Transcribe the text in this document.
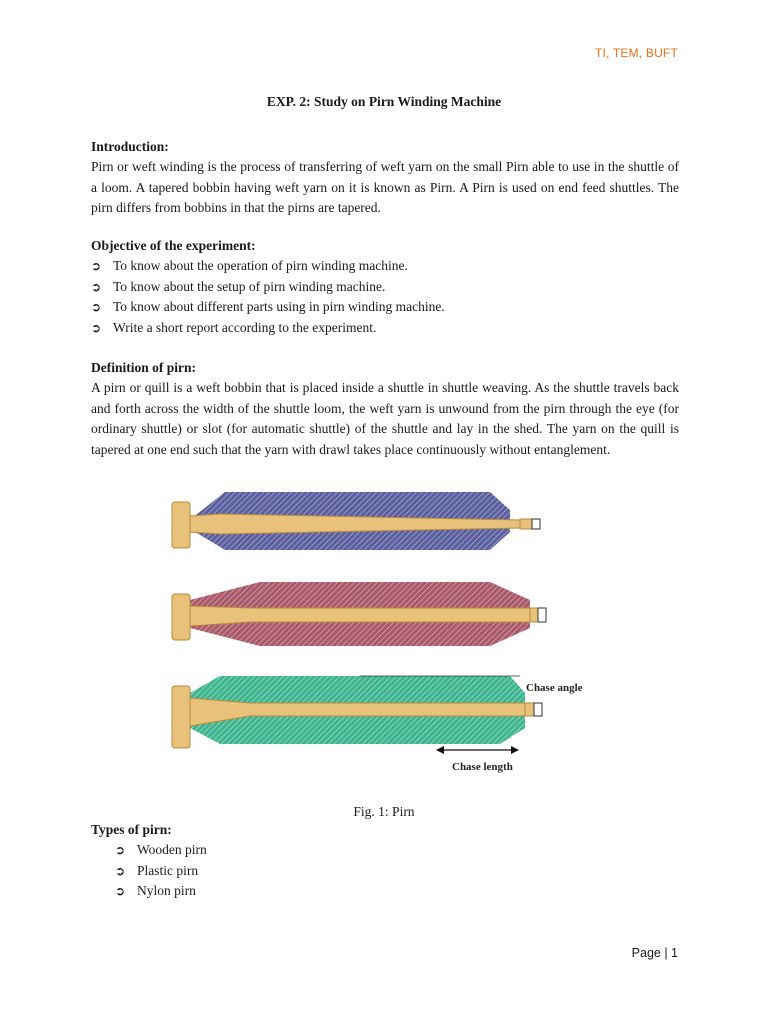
TI, TEM, BUFT
EXP. 2: Study on Pirn Winding Machine
Introduction:
Pirn or weft winding is the process of transferring of weft yarn on the small Pirn able to use in the shuttle of a loom. A tapered bobbin having weft yarn on it is known as Pirn. A Pirn is used on end feed shuttles. The pirn differs from bobbins in that the pirns are tapered.
Objective of the experiment:
➲ To know about the operation of pirn winding machine.
➲ To know about the setup of pirn winding machine.
➲ To know about different parts using in pirn winding machine.
➲ Write a short report according to the experiment.
Definition of pirn:
A pirn or quill is a weft bobbin that is placed inside a shuttle in shuttle weaving. As the shuttle travels back and forth across the width of the shuttle loom, the weft yarn is unwound from the pirn through the eye (for ordinary shuttle) or slot (for automatic shuttle) of the shuttle and lay in the shed. The yarn on the quill is tapered at one end such that the yarn with drawl takes place continuously without entanglement.
Chase angle
Chase length
Fig. 1: Pirn
Types of pirn:
➲ Wooden pirn
➲ Plastic pirn
➲ Nylon pirn
Page | 1
